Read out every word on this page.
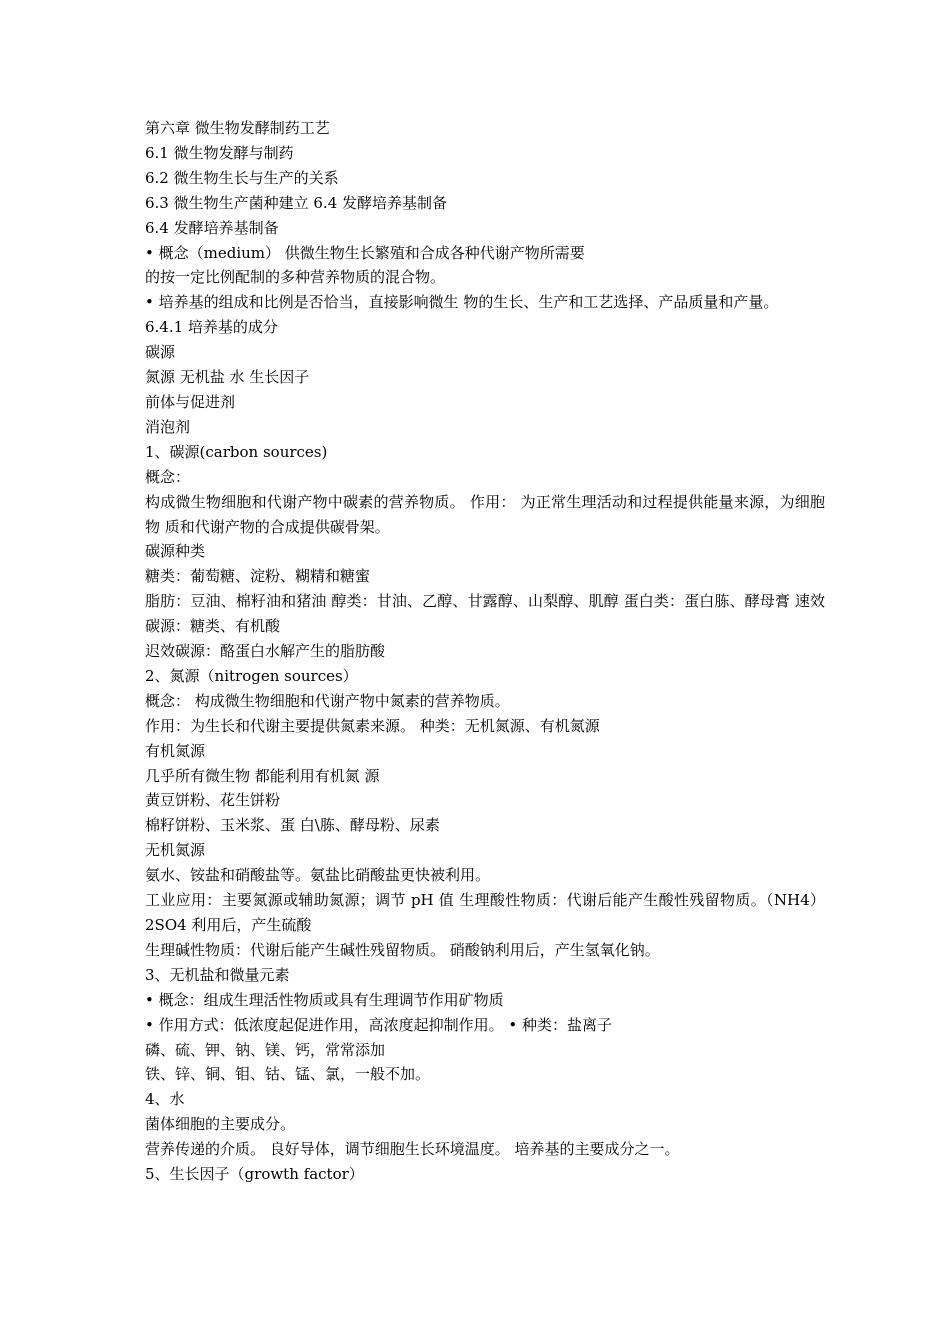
第六章 微生物发酵制药工艺

6.1 微生物发酵与制药

6.2 微生物生长与生产的关系

6.3 微生物生产菌种建立 6.4 发酵培养基制备

6.4 发酵培养基制备

• 概念（medium） 供微生物生长繁殖和合成各种代谢产物所需要

的按一定比例配制的多种营养物质的混合物。

• 培养基的组成和比例是否恰当，直接影响微生 物的生长、生产和工艺选择、产品质量和产量。

6.4.1 培养基的成分

碳源

氮源 无机盐 水 生长因子

前体与促进剂

消泡剂

1、碳源(carbon sources)

概念：

构成微生物细胞和代谢产物中碳素的营养物质。 作用： 为正常生理活动和过程提供能量来源，为细胞物 质和代谢产物的合成提供碳骨架。

碳源种类

糖类：葡萄糖、淀粉、糊精和糖蜜

脂肪：豆油、棉籽油和猪油 醇类：甘油、乙醇、甘露醇、山梨醇、肌醇 蛋白类：蛋白胨、酵母膏 速效碳源：糖类、有机酸

迟效碳源：酪蛋白水解产生的脂肪酸

2、氮源（nitrogen sources）

概念： 构成微生物细胞和代谢产物中氮素的营养物质。

作用：为生长和代谢主要提供氮素来源。 种类：无机氮源、有机氮源

有机氮源

几乎所有微生物 都能利用有机氮 源

黄豆饼粉、花生饼粉

棉籽饼粉、玉米浆、蛋 白\胨、酵母粉、尿素

无机氮源

氨水、铵盐和硝酸盐等。氨盐比硝酸盐更快被利用。

工业应用：主要氮源或辅助氮源；调节 pH 值 生理酸性物质：代谢后能产生酸性残留物质。（NH4）2SO4 利用后，产生硫酸

生理碱性物质：代谢后能产生碱性残留物质。 硝酸钠利用后，产生氢氧化钠。

3、无机盐和微量元素

• 概念：组成生理活性物质或具有生理调节作用矿物质

• 作用方式：低浓度起促进作用，高浓度起抑制作用。 • 种类：盐离子

磷、硫、钾、钠、镁、钙，常常添加

铁、锌、铜、钼、钴、锰、氯，一般不加。

4、水

菌体细胞的主要成分。

营养传递的介质。 良好导体，调节细胞生长环境温度。 培养基的主要成分之一。

5、生长因子（growth factor）
